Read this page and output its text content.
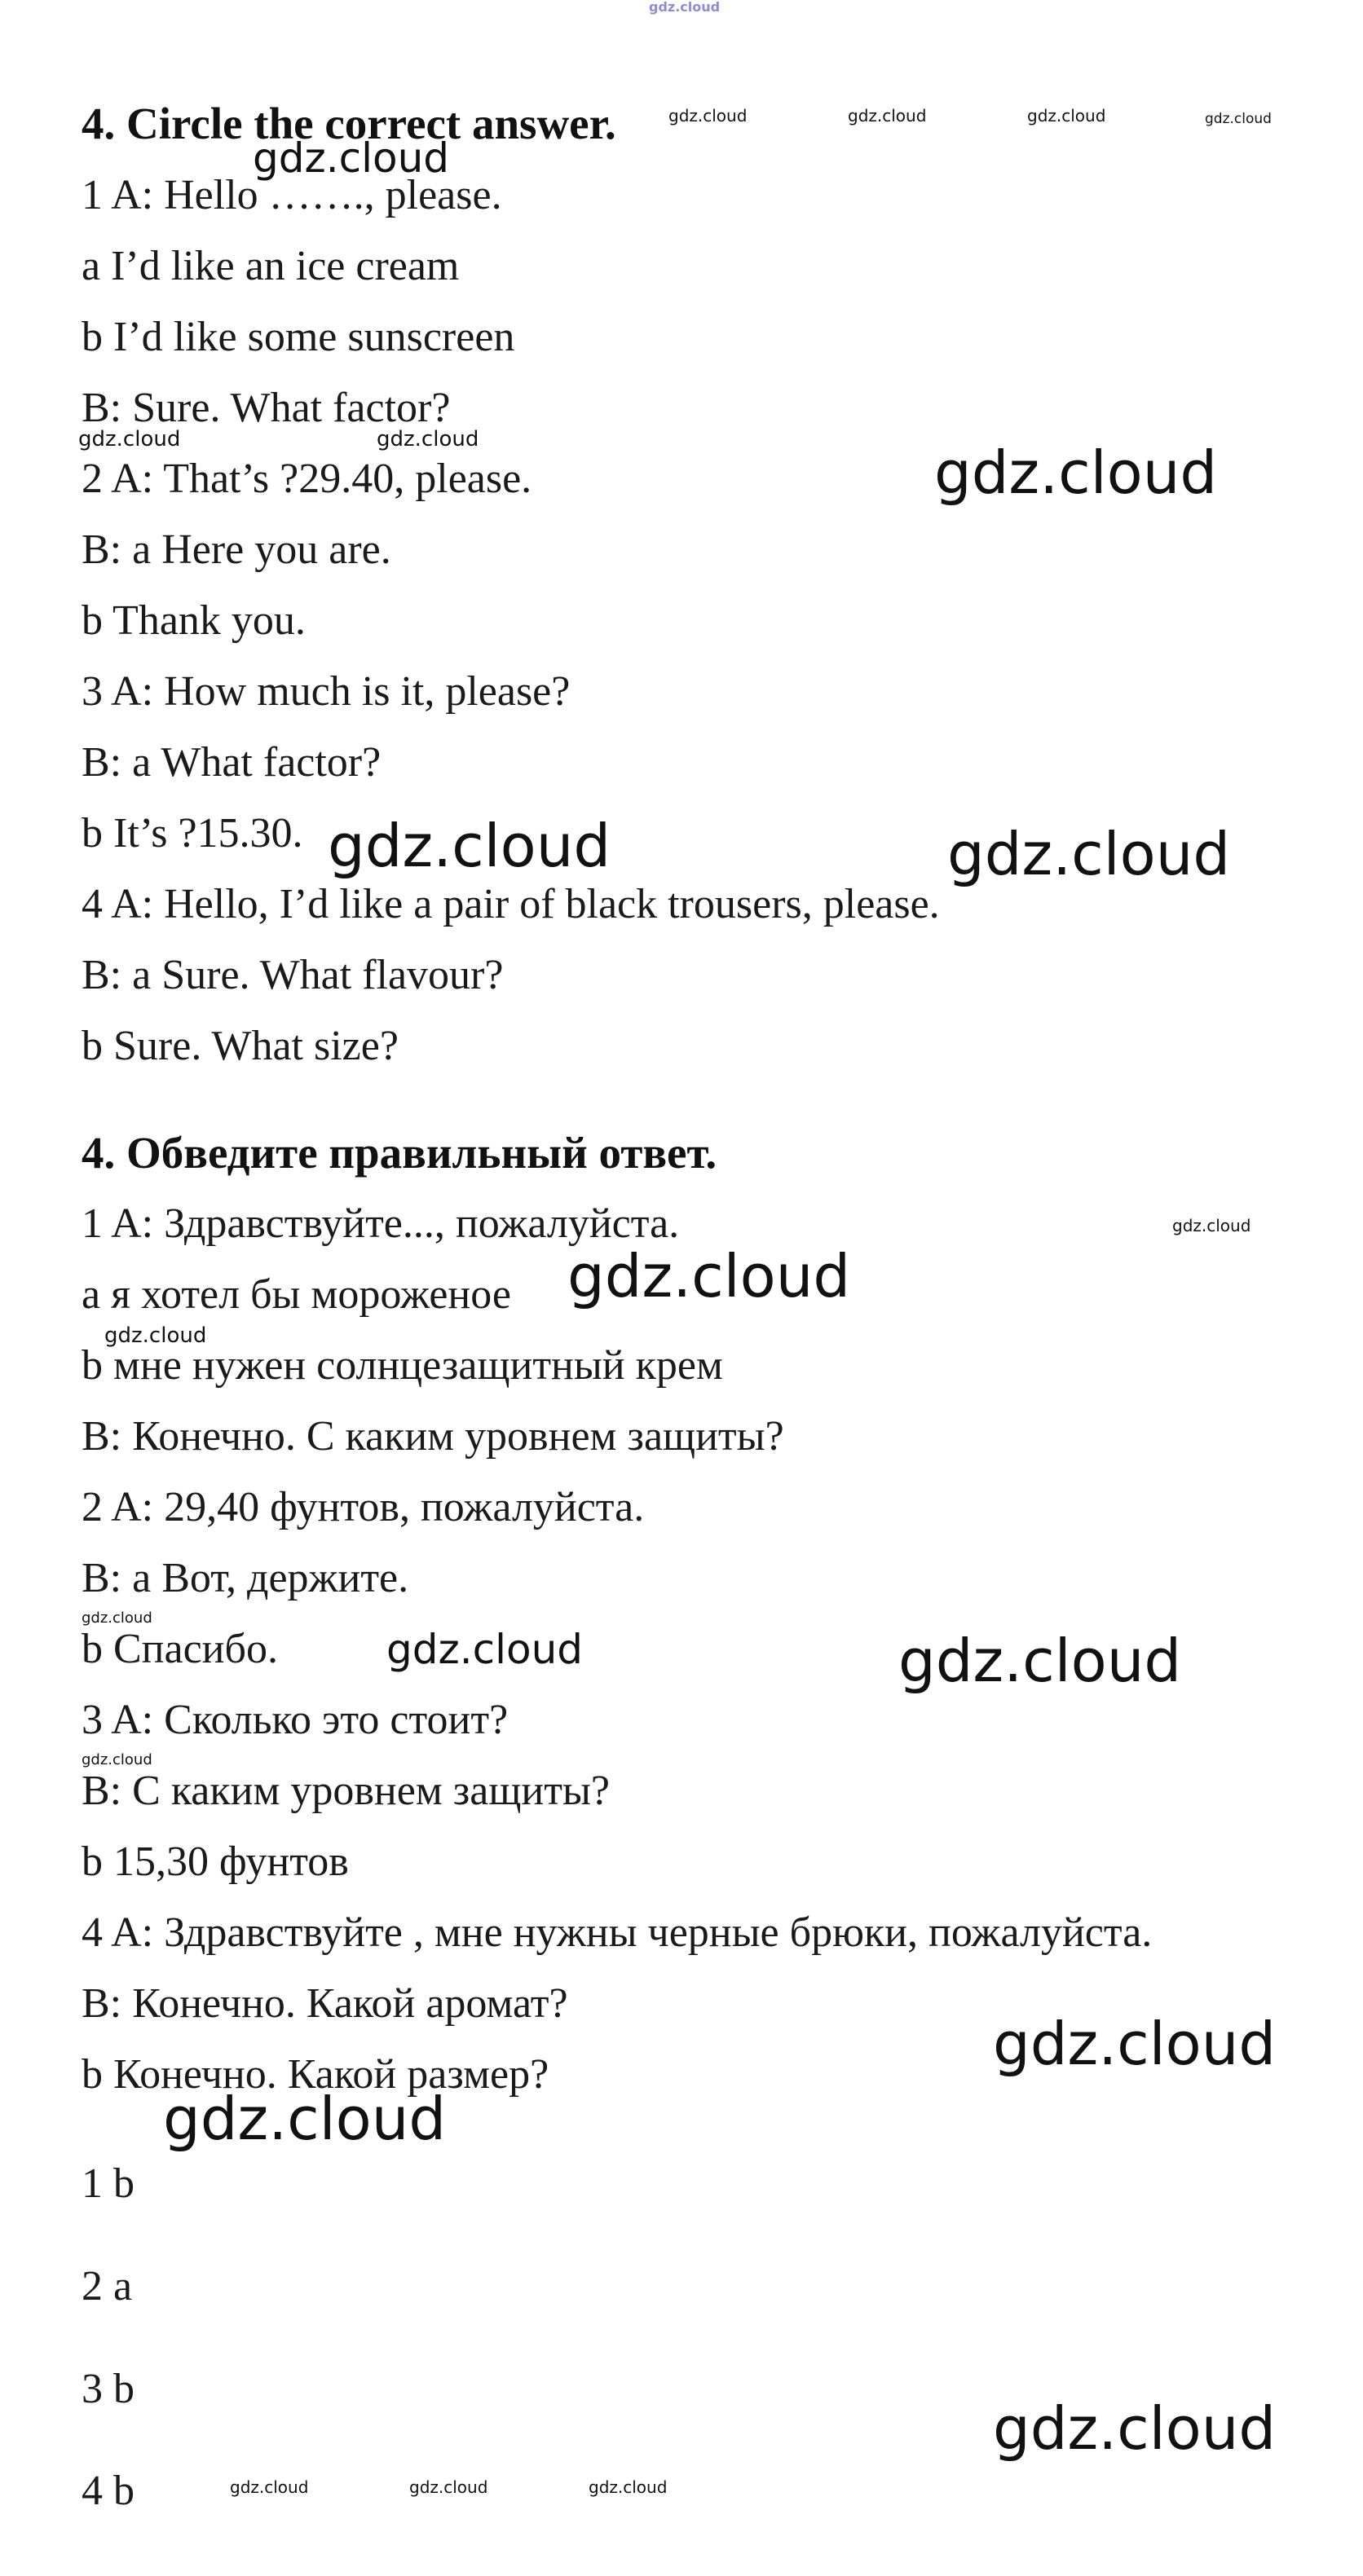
gdz.cloud

4. Circle the correct answer.

1 A: Hello ……., please.

a I’d like an ice cream

b I’d like some sunscreen

B: Sure. What factor?

2 A: That’s ?29.40, please.

B: a Here you are.

b Thank you.

3 A: How much is it, please?

B: a What factor?

b It’s ?15.30.

4 A: Hello, I’d like a pair of black trousers, please.

B: a Sure. What flavour?

b Sure. What size?

4. Обведите правильный ответ.

1 A: Здравствуйте..., пожалуйста.

a я хотел бы мороженое

b мне нужен солнцезащитный крем

B: Конечно. С каким уровнем защиты?

2 A: 29,40 фунтов, пожалуйста.

B: a Вот, держите.

b Спасибо.

3 A: Сколько это стоит?

B: С каким уровнем защиты?

b 15,30 фунтов

4 A: Здравствуйте , мне нужны черные брюки, пожалуйста.

B: Конечно. Какой аромат?

b Конечно. Какой размер?

1 b

2 a

3 b

4 b

gdz.cloud	gdz.cloud	gdz.cloud	gdz.cloud
gdz.cloud
gdz.cloud	gdz.cloud	gdz.cloud
gdz.cloud	gdz.cloud
gdz.cloud
gdz.cloud
gdz.cloud
gdz.cloud
gdz.cloud	gdz.cloud
gdz.cloud
gdz.cloud
gdz.cloud
gdz.cloud
gdz.cloud	gdz.cloud	gdz.cloud
